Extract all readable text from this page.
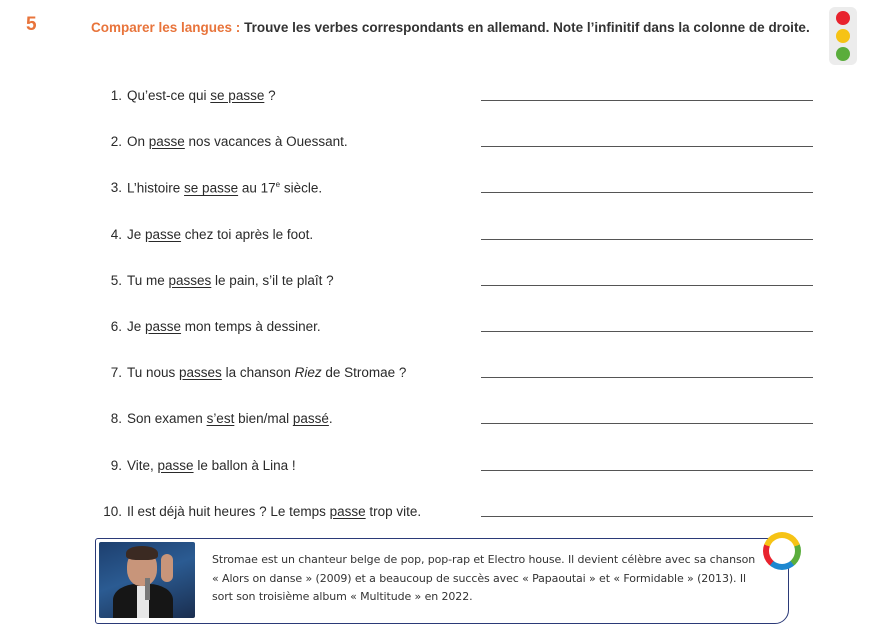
5	Comparer les langues : Trouve les verbes correspondants en allemand. Note l’infinitif dans la colonne de droite.
1. Qu’est-ce qui se passe ?
2. On passe nos vacances à Ouessant.
3. L’histoire se passe au 17e siècle.
4. Je passe chez toi après le foot.
5. Tu me passes le pain, s’il te plaît ?
6. Je passe mon temps à dessiner.
7. Tu nous passes la chanson Riez de Stromae ?
8. Son examen s’est bien/mal passé.
9. Vite, passe le ballon à Lina !
10. Il est déjà huit heures ? Le temps passe trop vite.
Stromae est un chanteur belge de pop, pop-rap et Electro house. Il devient célèbre avec sa chanson « Alors on danse » (2009) et a beaucoup de succès avec « Papaoutai » et « Formidable » (2013). Il sort son troisième album « Multitude » en 2022.
